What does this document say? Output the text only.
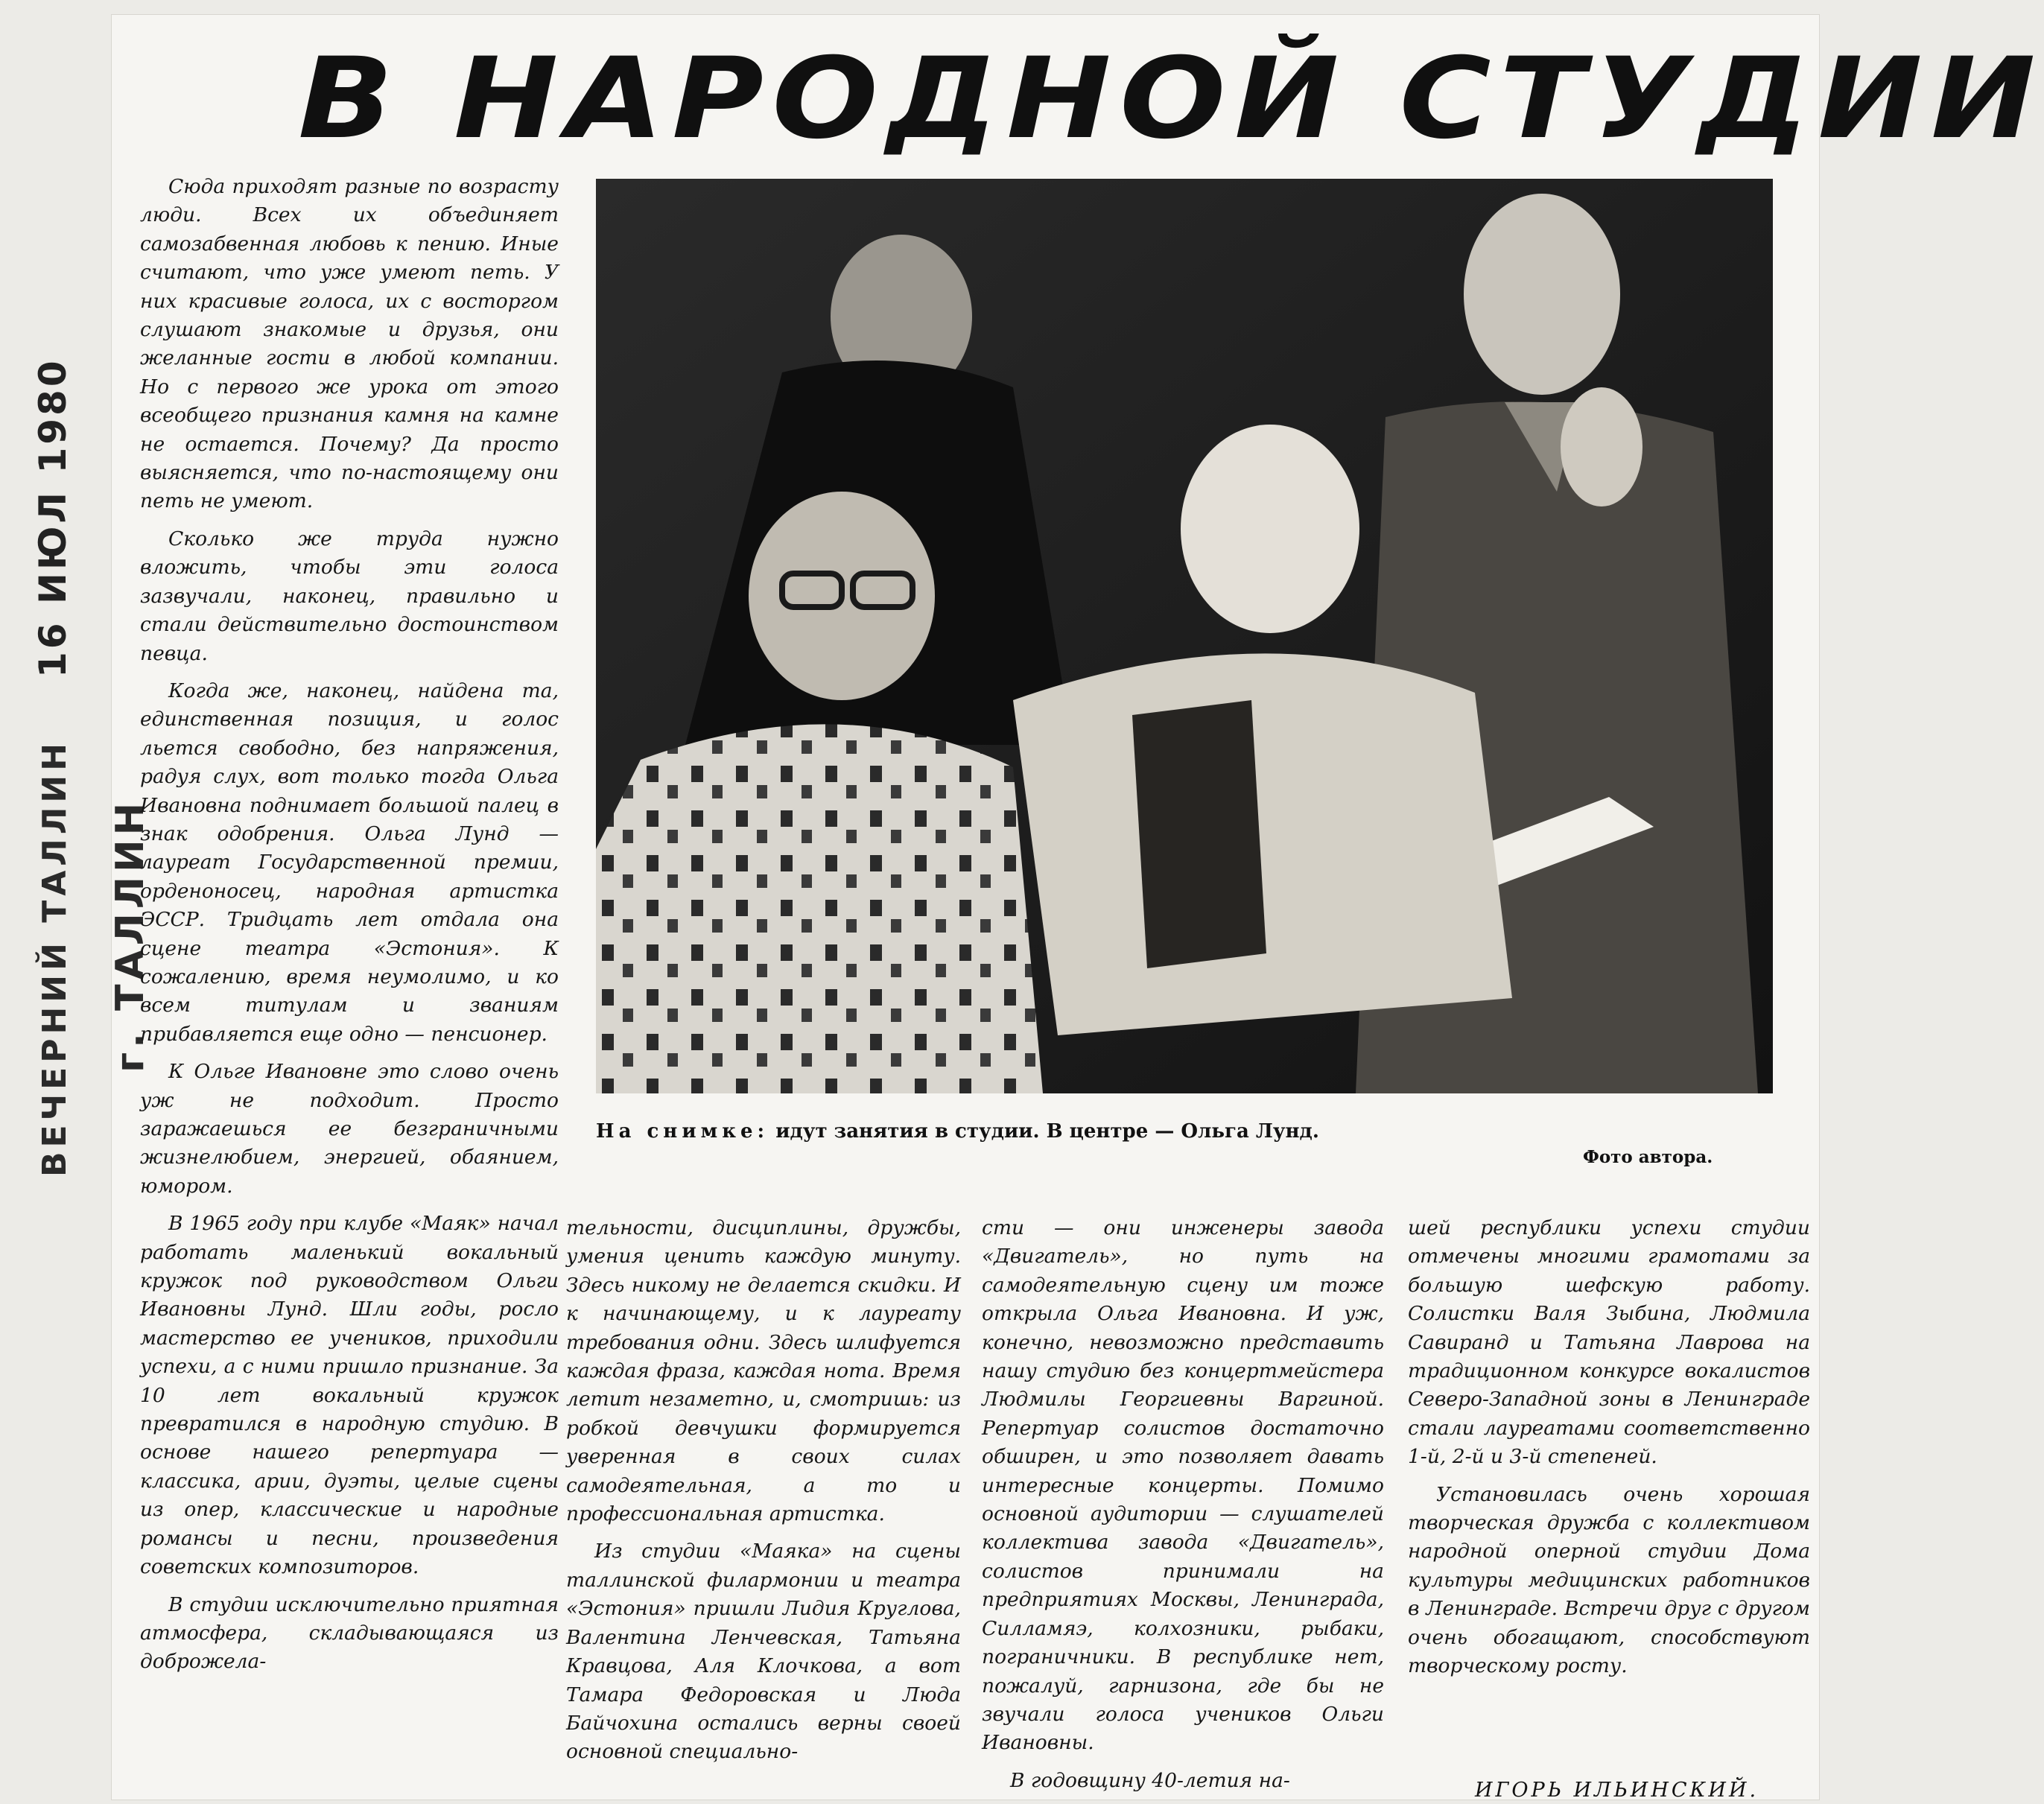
В НАРОДНОЙ СТУДИИ
16 ИЮЛ 1980
ВЕЧЕРНИЙ ТАЛЛИН г. ТАЛЛИН

Сюда приходят разные по возрасту люди. Всех их объединяет самозабвенная любовь к пению. Иные считают, что уже умеют петь. У них красивые голоса, их с восторгом слушают знакомые и друзья, они желанные гости в любой компании. Но с первого же урока от этого всеобщего признания камня на камне не остается. Почему? Да просто выясняется, что по-настоящему они петь не умеют.

Сколько же труда нужно вложить, чтобы эти голоса зазвучали, наконец, правильно и стали действительно достоинством певца.

Когда же, наконец, найдена та, единственная позиция, и голос льется свободно, без напряжения, радуя слух, вот только тогда Ольга Ивановна поднимает большой палец в знак одобрения. Ольга Лунд — лауреат Государственной премии, орденоносец, народная артистка ЭССР. Тридцать лет отдала она сцене театра «Эстония». К сожалению, время неумолимо, и ко всем титулам и званиям прибавляется еще одно — пенсионер.

К Ольге Ивановне это слово очень уж не подходит. Просто заражаешься ее безграничными жизнелюбием, энергией, обаянием, юмором.

В 1965 году при клубе «Маяк» начал работать маленький вокальный кружок под руководством Ольги Ивановны Лунд. Шли годы, росло мастерство ее учеников, приходили успехи, а с ними пришло признание. За 10 лет вокальный кружок превратился в народную студию. В основе нашего репертуара — классика, арии, дуэты, целые сцены из опер, классические и народные романсы и песни, произведения советских композиторов.

В студии исключительно приятная атмосфера, складывающаяся из доброжела-

На снимке: идут занятия в студии. В центре — Ольга Лунд.
Фото автора.

тельности, дисциплины, дружбы, умения ценить каждую минуту. Здесь никому не делается скидки. И к начинающему, и к лауреату требования одни. Здесь шлифуется каждая фраза, каждая нота. Время летит незаметно, и, смотришь: из робкой девчушки формируется уверенная в своих силах самодеятельная, а то и профессиональная артистка.

Из студии «Маяка» на сцены таллинской филармонии и театра «Эстония» пришли Лидия Круглова, Валентина Ленчевская, Татьяна Кравцова, Аля Клочкова, а вот Тамара Федоровская и Люда Байчохина остались верны своей основной специально-

сти — они инженеры завода «Двигатель», но путь на самодеятельную сцену им тоже открыла Ольга Ивановна. И уж, конечно, невозможно представить нашу студию без концертмейстера Людмилы Георгиевны Варгиной. Репертуар солистов достаточно обширен, и это позволяет давать интересные концерты. Помимо основной аудитории — слушателей коллектива завода «Двигатель», солистов принимали на предприятиях Москвы, Ленинграда, Силламяэ, колхозники, рыбаки, пограничники. В республике нет, пожалуй, гарнизона, где бы не звучали голоса учеников Ольги Ивановны.

В годовщину 40-летия на-

шей республики успехи студии отмечены многими грамотами за большую шефскую работу. Солистки Валя Зыбина, Людмила Савиранд и Татьяна Лаврова на традиционном конкурсе вокалистов Северо-Западной зоны в Ленинграде стали лауреатами соответственно 1-й, 2-й и 3-й степеней.

Установилась очень хорошая творческая дружба с коллективом народной оперной студии Дома культуры медицинских работников в Ленинграде. Встречи друг с другом очень обогащают, способствуют творческому росту.

ИГОРЬ ИЛЬИНСКИЙ.
